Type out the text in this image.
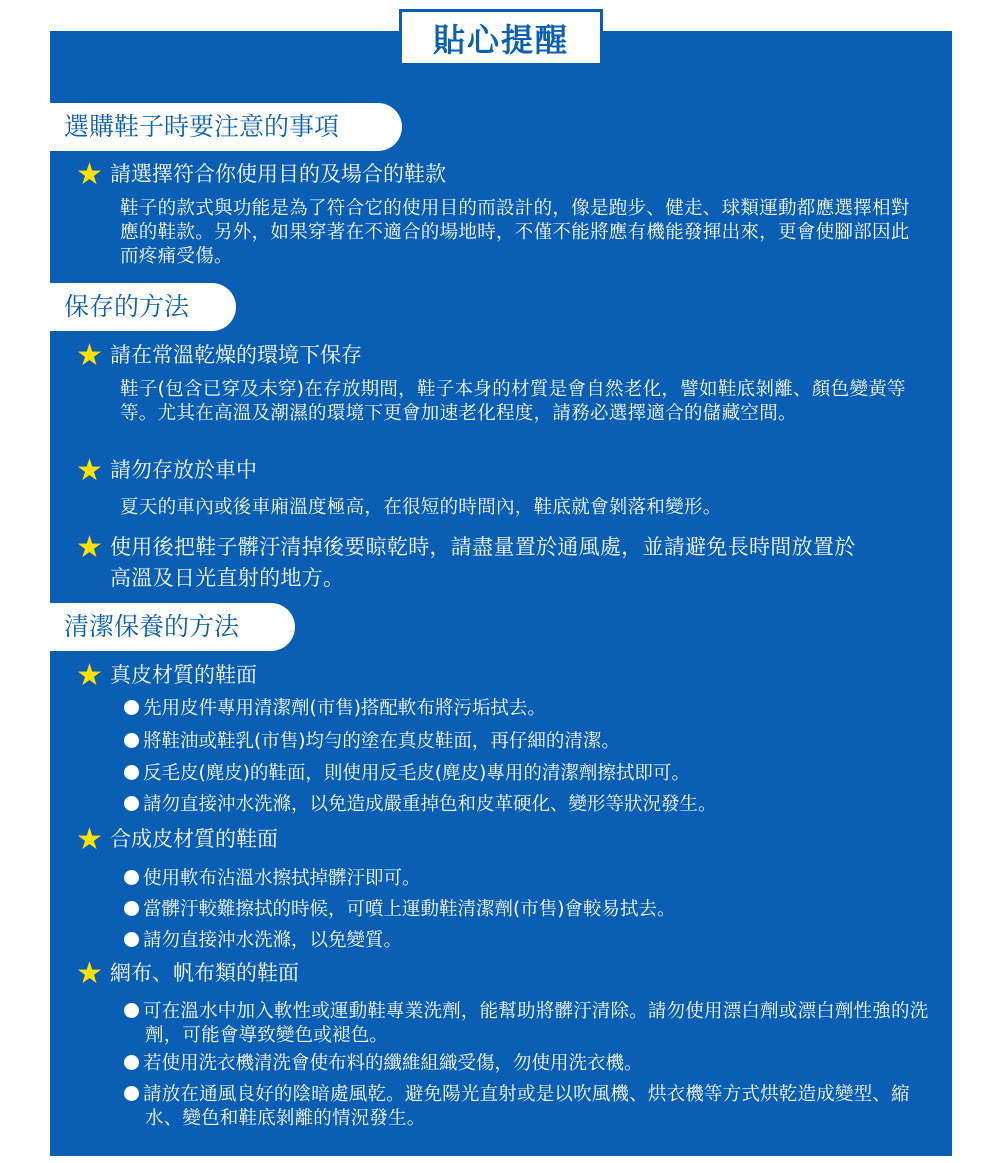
貼心提醒
選購鞋子時要注意的事項
★ 請選擇符合你使用目的及場合的鞋款
鞋子的款式與功能是為了符合它的使用目的而設計的，像是跑步、健走、球類運動都應選擇相對應的鞋款。另外，如果穿著在不適合的場地時，不僅不能將應有機能發揮出來，更會使腳部因此而疼痛受傷。
保存的方法
★ 請在常溫乾燥的環境下保存
鞋子(包含已穿及未穿)在存放期間，鞋子本身的材質是會自然老化，譬如鞋底剝離、顏色變黃等等。尤其在高溫及潮濕的環境下更會加速老化程度，請務必選擇適合的儲藏空間。
★ 請勿存放於車中
夏天的車內或後車廂溫度極高，在很短的時間內，鞋底就會剝落和變形。
★ 使用後把鞋子髒汙清掉後要晾乾時，請盡量置於通風處，並請避免長時間放置於高溫及日光直射的地方。
清潔保養的方法
★ 真皮材質的鞋面
先用皮件專用清潔劑(市售)搭配軟布將污垢拭去。
將鞋油或鞋乳(市售)均勻的塗在真皮鞋面，再仔細的清潔。
反毛皮(麂皮)的鞋面，則使用反毛皮(麂皮)專用的清潔劑擦拭即可。
請勿直接沖水洗滌，以免造成嚴重掉色和皮革硬化、變形等狀況發生。
★ 合成皮材質的鞋面
使用軟布沾溫水擦拭掉髒汙即可。
當髒汙較難擦拭的時候，可噴上運動鞋清潔劑(市售)會較易拭去。
請勿直接沖水洗滌，以免變質。
★ 網布、帆布類的鞋面
可在溫水中加入軟性或運動鞋專業洗劑，能幫助將髒汙清除。請勿使用漂白劑或漂白劑性強的洗劑，可能會導致變色或褪色。
若使用洗衣機清洗會使布料的纖維組織受傷，勿使用洗衣機。
請放在通風良好的陰暗處風乾。避免陽光直射或是以吹風機、烘衣機等方式烘乾造成變型、縮水、變色和鞋底剝離的情況發生。
